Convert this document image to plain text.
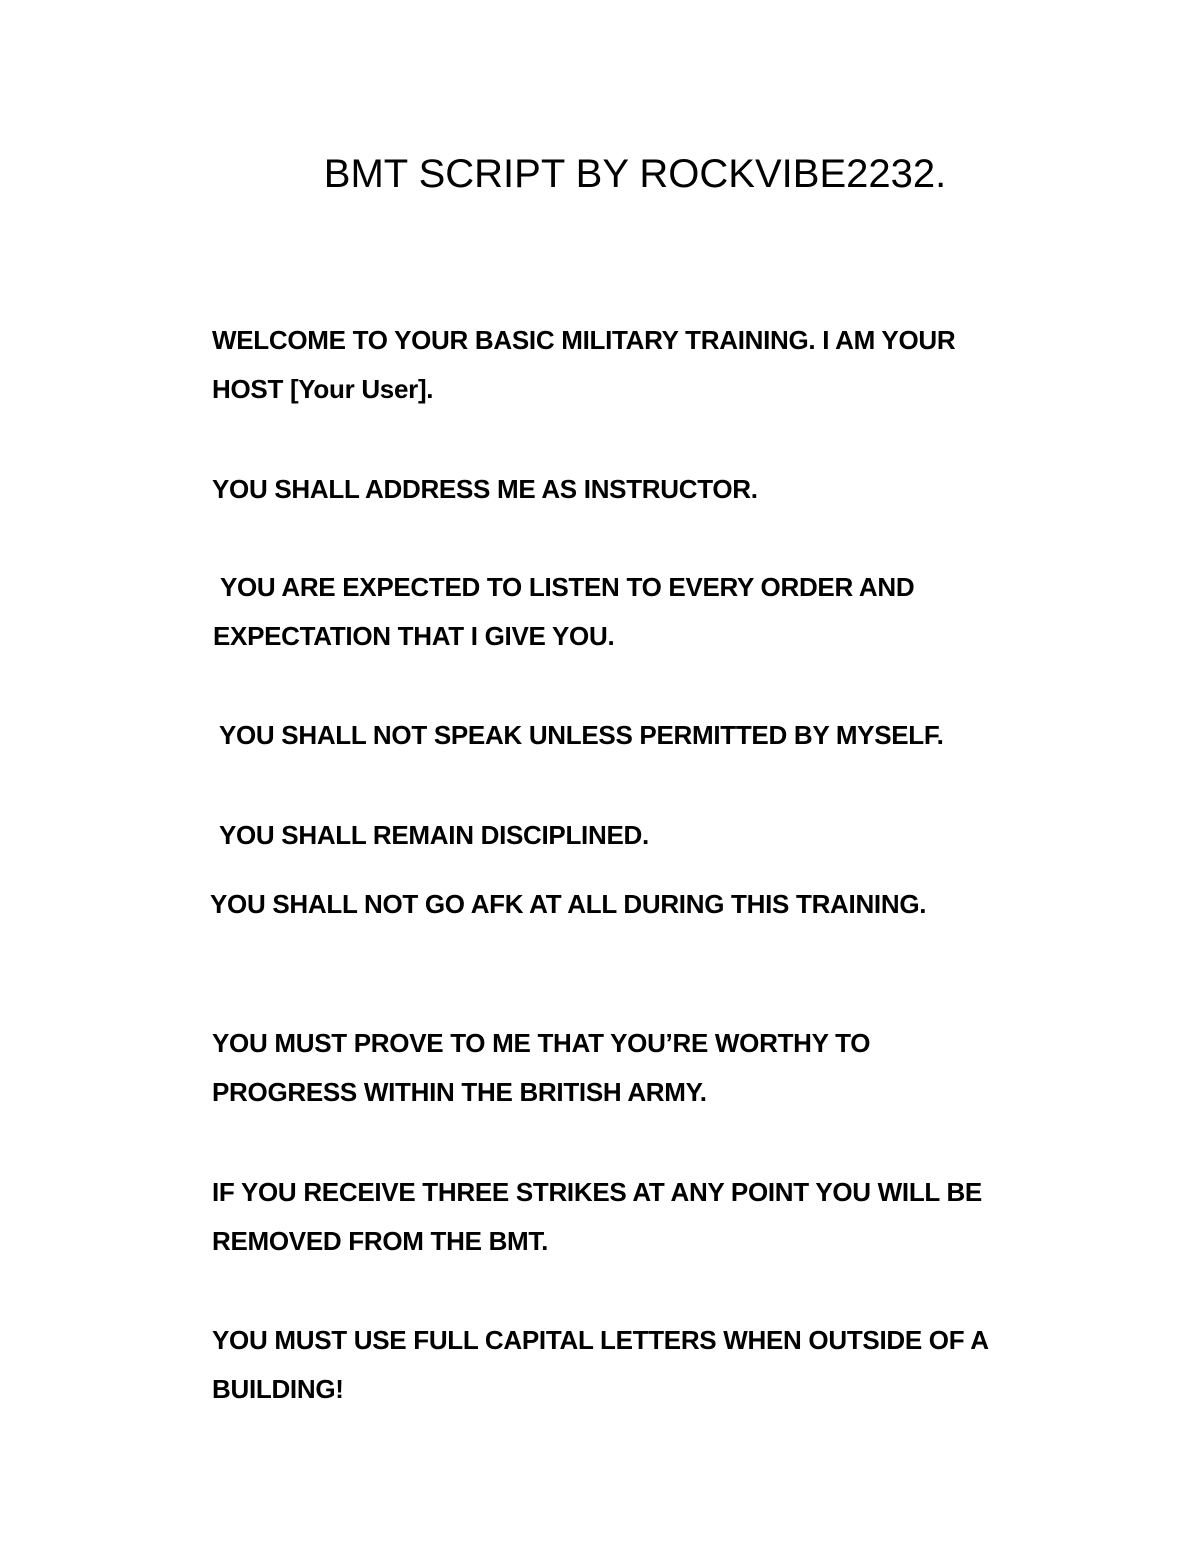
BMT SCRIPT BY ROCKVIBE2232.

WELCOME TO YOUR BASIC MILITARY TRAINING. I AM YOUR HOST [Your User].

YOU SHALL ADDRESS ME AS INSTRUCTOR.

YOU ARE EXPECTED TO LISTEN TO EVERY ORDER AND EXPECTATION THAT I GIVE YOU.

YOU SHALL NOT SPEAK UNLESS PERMITTED BY MYSELF.

YOU SHALL REMAIN DISCIPLINED.

YOU SHALL NOT GO AFK AT ALL DURING THIS TRAINING.

YOU MUST PROVE TO ME THAT YOU’RE WORTHY TO PROGRESS WITHIN THE BRITISH ARMY.

IF YOU RECEIVE THREE STRIKES AT ANY POINT YOU WILL BE REMOVED FROM THE BMT.

YOU MUST USE FULL CAPITAL LETTERS WHEN OUTSIDE OF A BUILDING!
